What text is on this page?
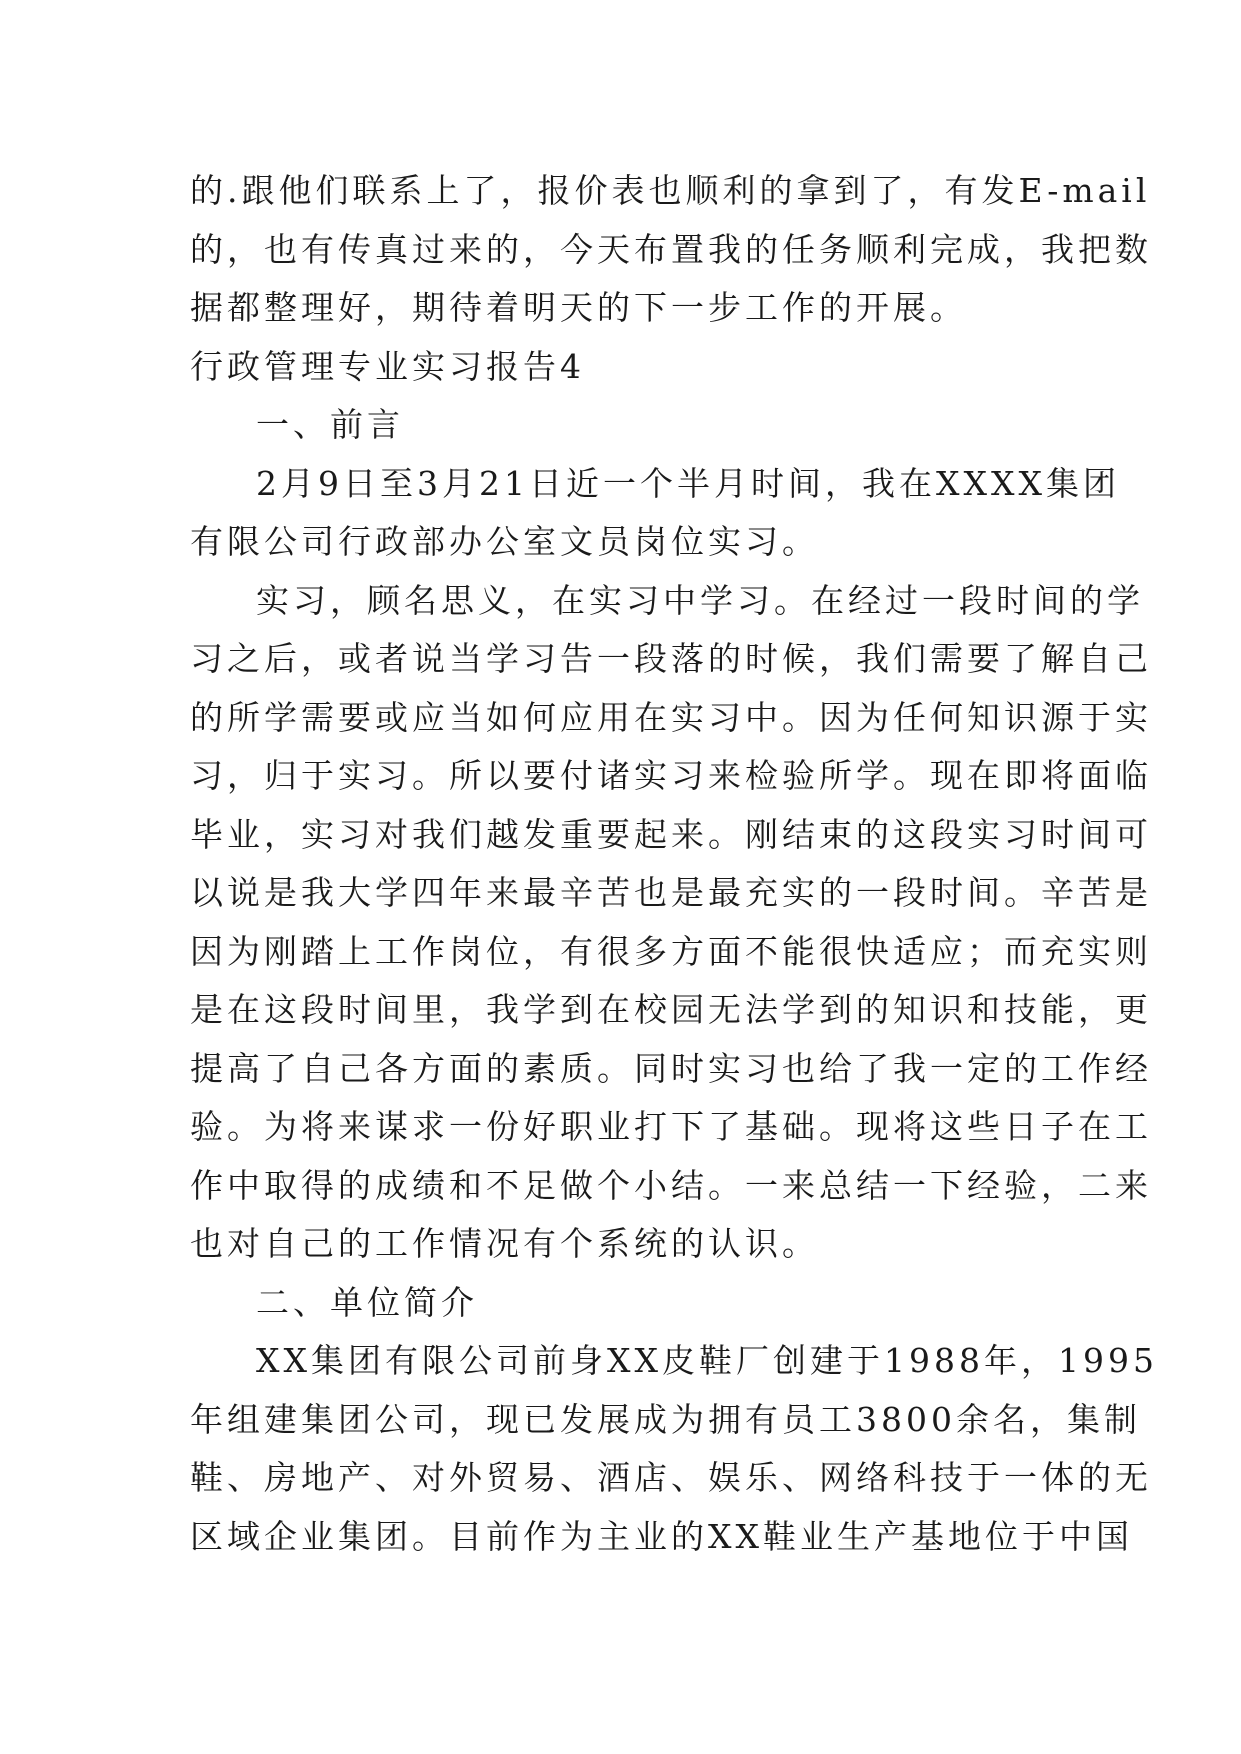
的.跟他们联系上了，报价表也顺利的拿到了，有发E-mail
的，也有传真过来的，今天布置我的任务顺利完成，我把数
据都整理好，期待着明天的下一步工作的开展。
行政管理专业实习报告4
一、前言
2月9日至3月21日近一个半月时间，我在XXXX集团
有限公司行政部办公室文员岗位实习。
实习，顾名思义，在实习中学习。在经过一段时间的学
习之后，或者说当学习告一段落的时候，我们需要了解自己
的所学需要或应当如何应用在实习中。因为任何知识源于实
习，归于实习。所以要付诸实习来检验所学。现在即将面临
毕业，实习对我们越发重要起来。刚结束的这段实习时间可
以说是我大学四年来最辛苦也是最充实的一段时间。辛苦是
因为刚踏上工作岗位，有很多方面不能很快适应；而充实则
是在这段时间里，我学到在校园无法学到的知识和技能，更
提高了自己各方面的素质。同时实习也给了我一定的工作经
验。为将来谋求一份好职业打下了基础。现将这些日子在工
作中取得的成绩和不足做个小结。一来总结一下经验，二来
也对自己的工作情况有个系统的认识。
二、单位简介
XX集团有限公司前身XX皮鞋厂创建于1988年，1995
年组建集团公司，现已发展成为拥有员工3800余名，集制
鞋、房地产、对外贸易、酒店、娱乐、网络科技于一体的无
区域企业集团。目前作为主业的XX鞋业生产基地位于中国
